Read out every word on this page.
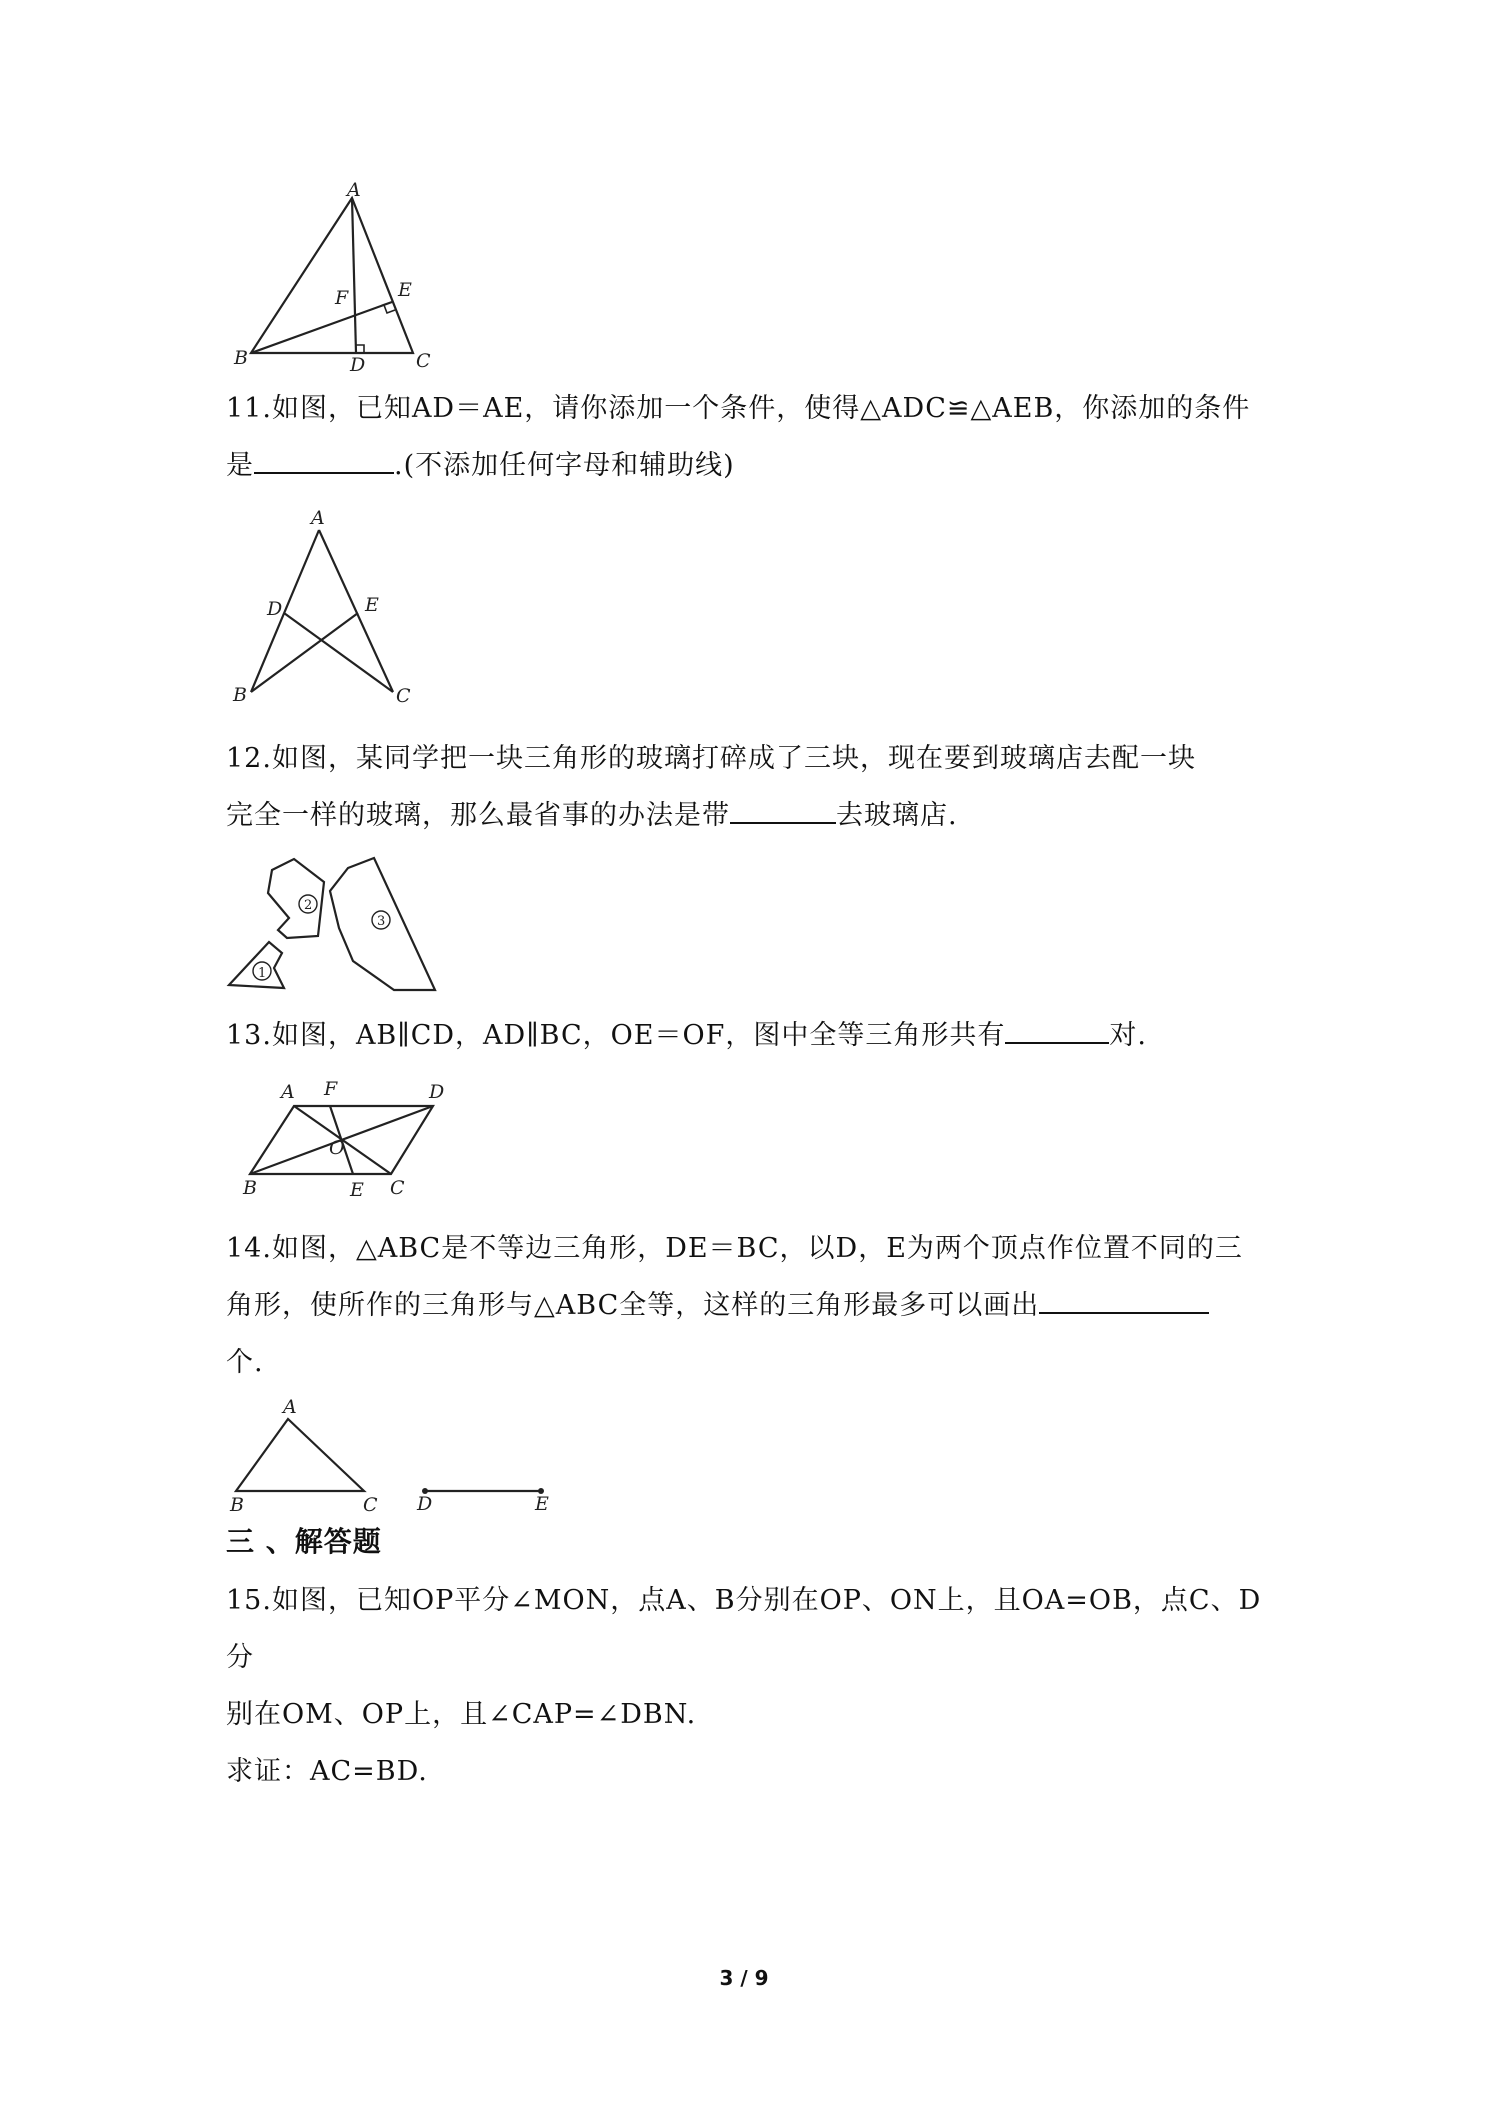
A
B	C
D
E
F
11.如图，已知AD＝AE，请你添加一个条件，使得△ADC≌△AEB，你添加的条件
是	.(不添加任何字母和辅助线)
A
B	C
D	E
12.如图，某同学把一块三角形的玻璃打碎成了三块，现在要到玻璃店去配一块
完全一样的玻璃，那么最省事的办法是带	去玻璃店.
1
2
3
13.如图，AB∥CD，AD∥BC，OE＝OF，图中全等三角形共有	对.
A
B	C
D
E
F
O
14.如图，△ABC是不等边三角形，DE＝BC，以D，E为两个顶点作位置不同的三
角形，使所作的三角形与△ABC全等，这样的三角形最多可以画出
个.
A
B	C D	E
三 、解答题
15.如图，已知OP平分∠MON，点A、B分别在OP、ON上，且OA=OB，点C、D分
别在OM、OP上，且∠CAP=∠DBN.
求证：AC=BD.
3 / 9
